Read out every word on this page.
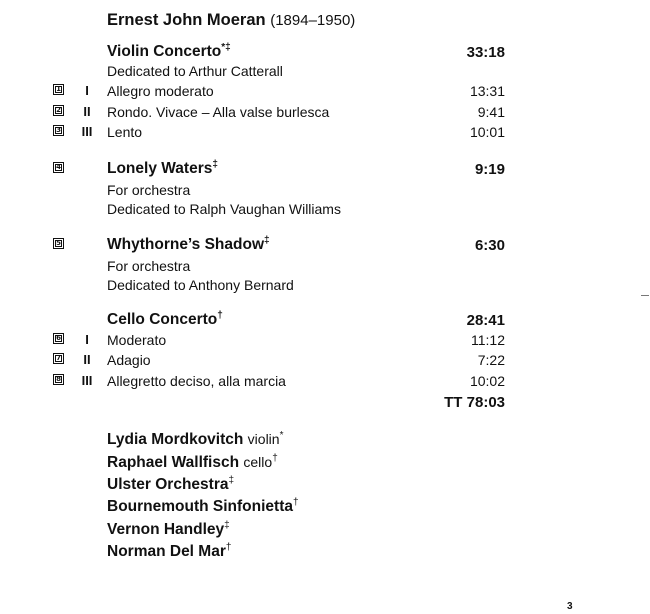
Ernest John Moeran (1894–1950)
Violin Concerto*‡	33:18
Dedicated to Arthur Catterall
1	I	Allegro moderato	13:31
2	II	Rondo. Vivace – Alla valse burlesca	9:41
3	III	Lento	10:01
4	Lonely Waters‡	9:19
For orchestra
Dedicated to Ralph Vaughan Williams
5	Whythorne’s Shadow‡	6:30
For orchestra
Dedicated to Anthony Bernard
Cello Concerto†	28:41
6	I	Moderato	11:12
7	II	Adagio	7:22
8	III	Allegretto deciso, alla marcia	10:02
TT 78:03
Lydia Mordkovitch violin*
Raphael Wallfisch cello†
Ulster Orchestra‡
Bournemouth Sinfonietta†
Vernon Handley‡
Norman Del Mar†
3
